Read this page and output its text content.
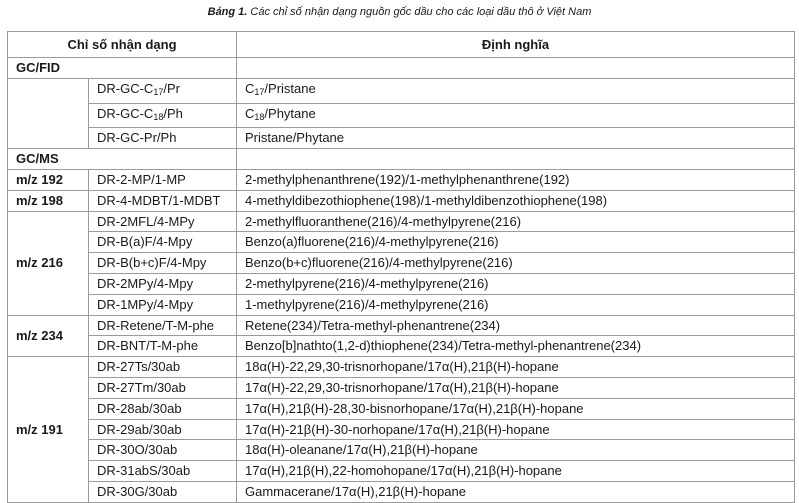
Bảng 1. Các chỉ số nhận dạng nguồn gốc dầu cho các loại dầu thô ở Việt Nam
Chỉ số nhận dạng		Định nghĩa
GC/FID		
	$DR-GC-C_{17}/Pr$	$C_{17}$/Pristane
	$DR-GC-C_{18}/Ph$	$C_{18}$/Phytane
	DR-GC-Pr/Ph	Pristane/Phytane
GC/MS		
m/z 192	DR-2-MP/1-MP	2-methylphenanthrene(192)/1-methylphenanthrene(192)
m/z 198	DR-4-MDBT/1-MDBT	4-methyldibezothiophene(198)/1-methyldibenzothiophene(198)
m/z 216	DR-2MFL/4-MPy	2-methylfluoranthene(216)/4-methylpyrene(216)
	DR-B(a)F/4-Mpy	Benzo(a)fluorene(216)/4-methylpyrene(216)
	DR-B(b+c)F/4-Mpy	Benzo(b+c)fluorene(216)/4-methylpyrene(216)
	DR-2MPy/4-Mpy	2-methylpyrene(216)/4-methylpyrene(216)
	DR-1MPy/4-Mpy	1-methylpyrene(216)/4-methylpyrene(216)
m/z 234	DR-Retene/T-M-phe	Retene(234)/Tetra-methyl-phenantrene(234)
	DR-BNT/T-M-phe	Benzo[b]nathto(1,2-d)thiophene(234)/Tetra-methyl-phenantrene(234)
m/z 191	DR-27Ts/30ab	18α(H)-22,29,30-trisnorhopane/17α(H),21β(H)-hopane
	DR-27Tm/30ab	17α(H)-22,29,30-trisnorhopane/17α(H),21β(H)-hopane
	DR-28ab/30ab	17α(H),21β(H)-28,30-bisnorhopane/17α(H),21β(H)-hopane
	DR-29ab/30ab	17α(H)-21β(H)-30-norhopane/17α(H),21β(H)-hopane
	DR-30O/30ab	18α(H)-oleanane/17α(H),21β(H)-hopane
	DR-31abS/30ab	17α(H),21β(H),22-homohopane/17α(H),21β(H)-hopane
	DR-30G/30ab	Gammacerane/17α(H),21β(H)-hopane
